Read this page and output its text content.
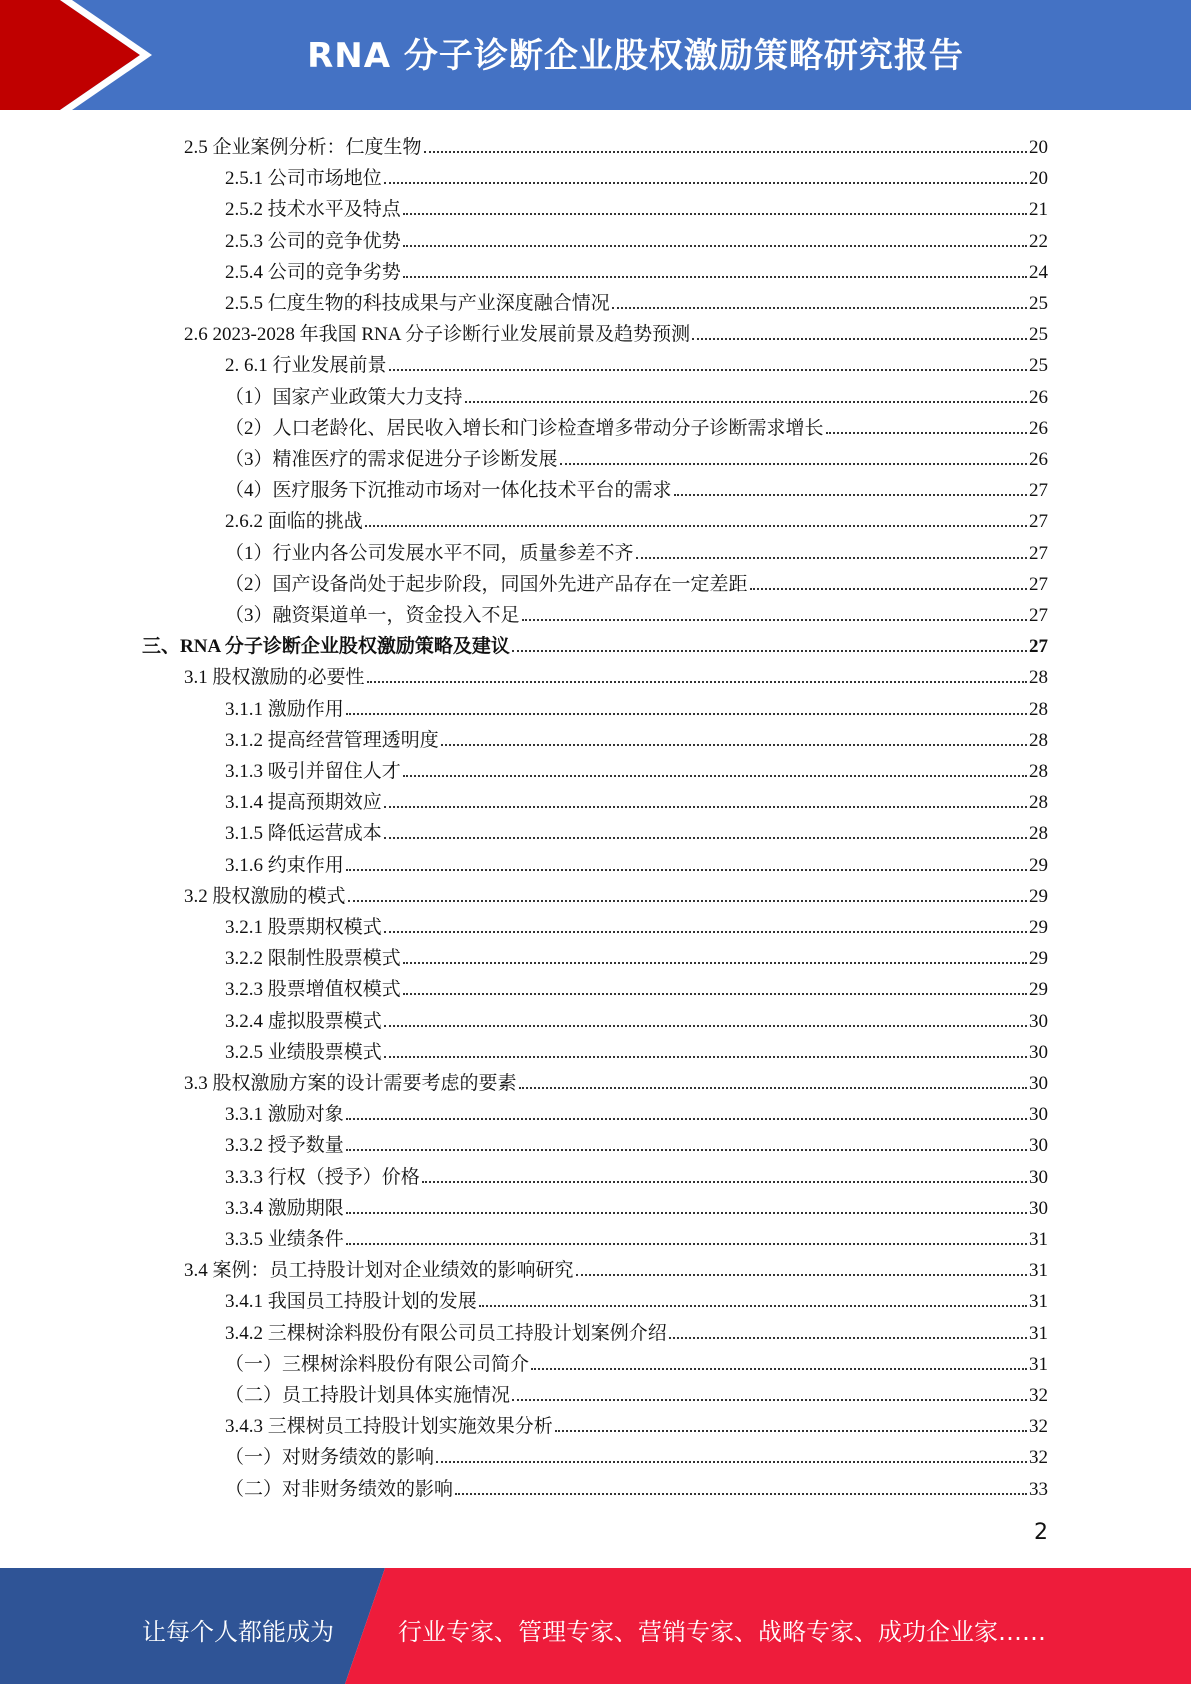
RNA 分子诊断企业股权激励策略研究报告
2.5 企业案例分析：仁度生物	20
2.5.1 公司市场地位	20
2.5.2 技术水平及特点	21
2.5.3 公司的竞争优势	22
2.5.4 公司的竞争劣势	24
2.5.5 仁度生物的科技成果与产业深度融合情况	25
2.6 2023-2028 年我国 RNA 分子诊断行业发展前景及趋势预测	25
2. 6.1 行业发展前景	25
（1）国家产业政策大力支持	26
（2）人口老龄化、居民收入增长和门诊检查增多带动分子诊断需求增长	26
（3）精准医疗的需求促进分子诊断发展	26
（4）医疗服务下沉推动市场对一体化技术平台的需求	27
2.6.2 面临的挑战	27
（1）行业内各公司发展水平不同，质量参差不齐	27
（2）国产设备尚处于起步阶段，同国外先进产品存在一定差距	27
（3）融资渠道单一，资金投入不足	27
三、RNA 分子诊断企业股权激励策略及建议	27
3.1 股权激励的必要性	28
3.1.1 激励作用	28
3.1.2 提高经营管理透明度	28
3.1.3 吸引并留住人才	28
3.1.4 提高预期效应	28
3.1.5 降低运营成本	28
3.1.6 约束作用	29
3.2 股权激励的模式	29
3.2.1 股票期权模式	29
3.2.2 限制性股票模式	29
3.2.3 股票增值权模式	29
3.2.4 虚拟股票模式	30
3.2.5 业绩股票模式	30
3.3 股权激励方案的设计需要考虑的要素	30
3.3.1 激励对象	30
3.3.2 授予数量	30
3.3.3 行权（授予）价格	30
3.3.4 激励期限	30
3.3.5 业绩条件	31
3.4 案例：员工持股计划对企业绩效的影响研究	31
3.4.1 我国员工持股计划的发展	31
3.4.2 三棵树涂料股份有限公司员工持股计划案例介绍	31
（一）三棵树涂料股份有限公司简介	31
（二）员工持股计划具体实施情况	32
3.4.3 三棵树员工持股计划实施效果分析	32
（一）对财务绩效的影响	32
（二）对非财务绩效的影响	33
2
让每个人都能成为	行业专家、管理专家、营销专家、战略专家、成功企业家……
